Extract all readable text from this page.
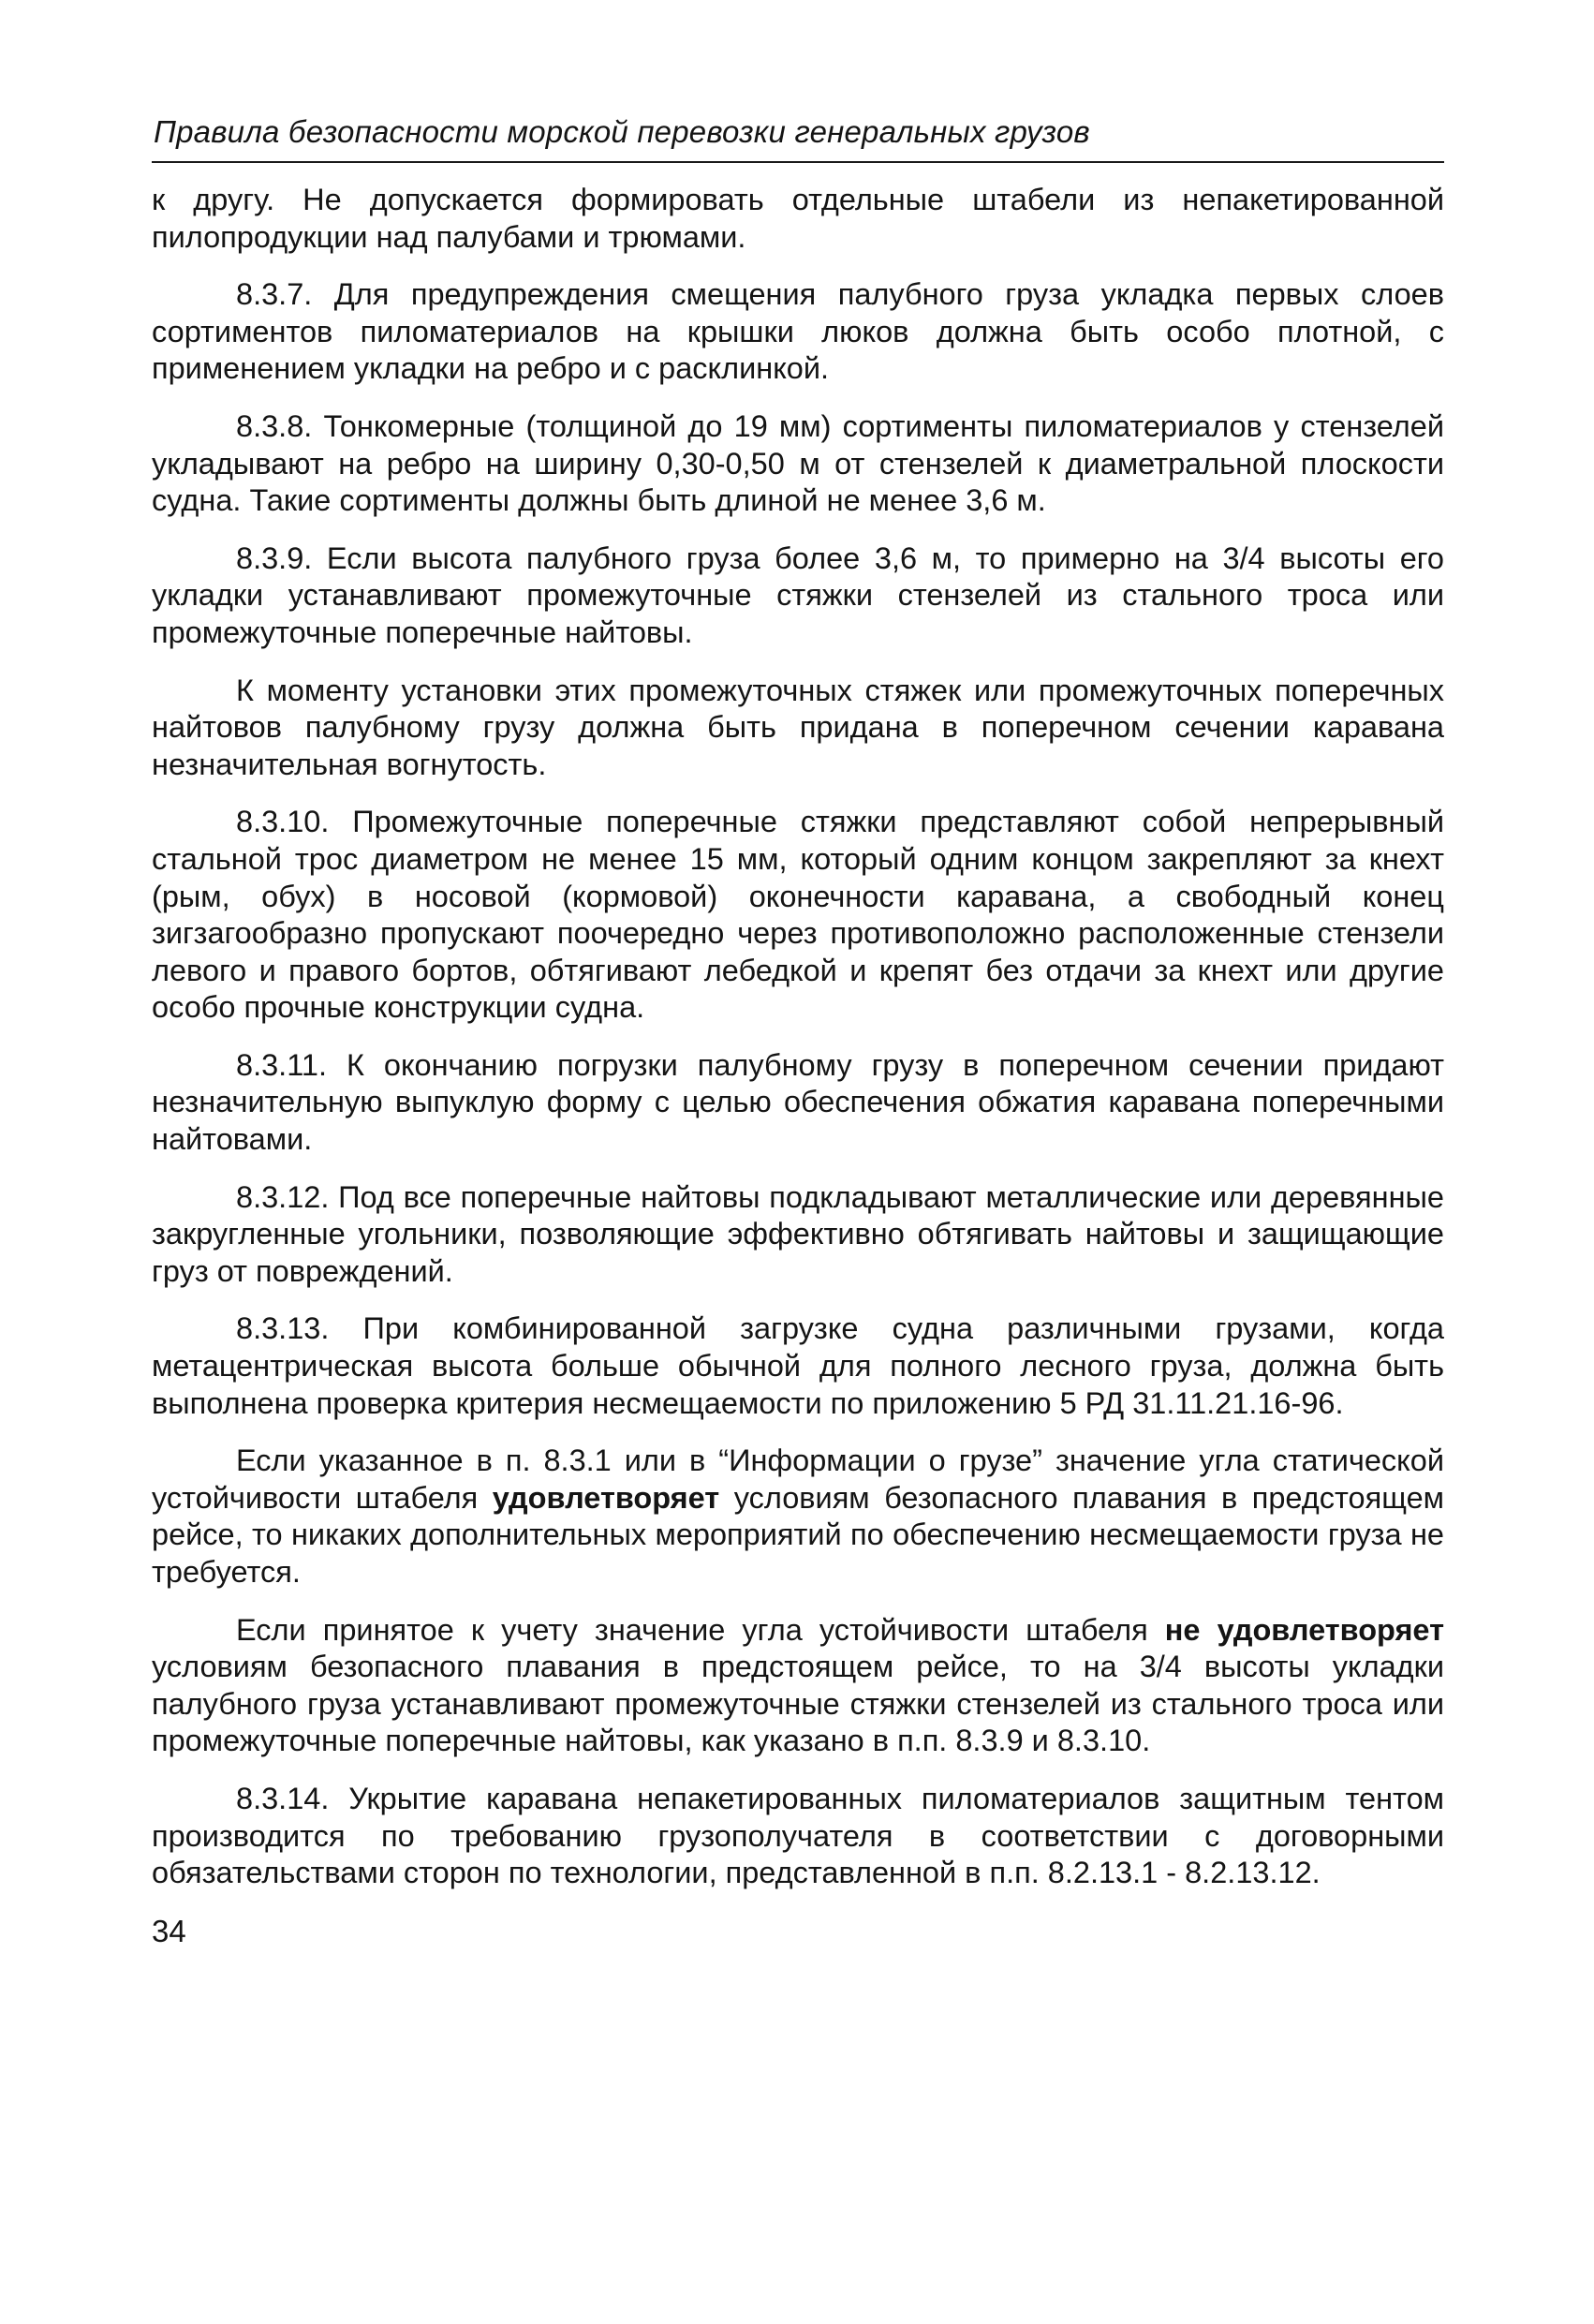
Правила безопасности морской перевозки генеральных грузов

к другу. Не допускается формировать отдельные штабели из непакетированной пилопродукции над палубами и трюмами.

8.3.7. Для предупреждения смещения палубного груза укладка первых слоев сортиментов пиломатериалов на крышки люков должна быть особо плотной, с применением укладки на ребро и с расклинкой.

8.3.8. Тонкомерные (толщиной до 19 мм) сортименты пиломатериалов у стензелей укладывают на ребро на ширину 0,30-0,50 м от стензелей к диаметральной плоскости судна. Такие сортименты должны быть длиной не менее 3,6 м.

8.3.9. Если высота палубного груза более 3,6 м, то примерно на 3/4 высоты его укладки устанавливают промежуточные стяжки стензелей из стального троса или промежуточные поперечные найтовы.

К моменту установки этих промежуточных стяжек или промежуточных поперечных найтовов палубному грузу должна быть придана в поперечном сечении каравана незначительная вогнутость.

8.3.10. Промежуточные поперечные стяжки представляют собой непрерывный стальной трос диаметром не менее 15 мм, который одним концом закрепляют за кнехт (рым, обух) в носовой (кормовой) оконечности каравана, а свободный конец зигзагообразно пропускают поочередно через противоположно расположенные стензели левого и правого бортов, обтягивают лебедкой и крепят без отдачи за кнехт или другие особо прочные конструкции судна.

8.3.11. К окончанию погрузки палубному грузу в поперечном сечении придают незначительную выпуклую форму с целью обеспечения обжатия каравана поперечными найтовами.

8.3.12. Под все поперечные найтовы подкладывают металлические или деревянные закругленные угольники, позволяющие эффективно обтягивать найтовы и защищающие груз от повреждений.

8.3.13. При комбинированной загрузке судна различными грузами, когда метацентрическая высота больше обычной для полного лесного груза, должна быть выполнена проверка критерия несмещаемости по приложению 5 РД 31.11.21.16-96.

Если указанное в п. 8.3.1 или в “Информации о грузе” значение угла статической устойчивости штабеля удовлетворяет условиям безопасного плавания в предстоящем рейсе, то никаких дополнительных мероприятий по обеспечению несмещаемости груза не требуется.

Если принятое к учету значение угла устойчивости штабеля не удовлетворяет условиям безопасного плавания в предстоящем рейсе, то на 3/4 высоты укладки палубного груза устанавливают промежуточные стяжки стензелей из стального троса или промежуточные поперечные найтовы, как указано в п.п. 8.3.9 и 8.3.10.

8.3.14. Укрытие каравана непакетированных пиломатериалов защитным тентом производится по требованию грузополучателя в соответствии с договорными обязательствами сторон по технологии, представленной в п.п. 8.2.13.1 - 8.2.13.12.

34
